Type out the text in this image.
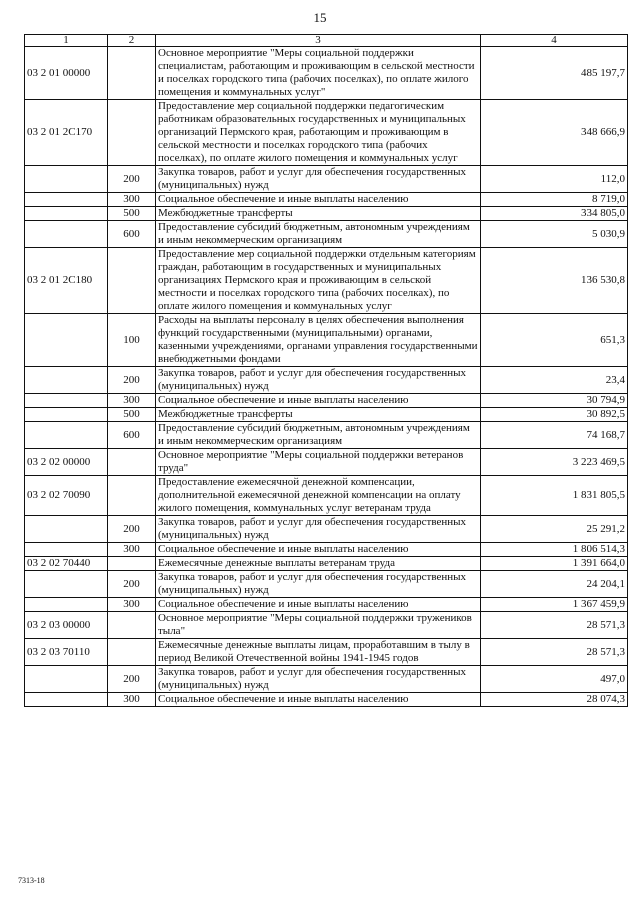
15
1	2	3	4
03 2 01 00000		Основное мероприятие "Меры социальной поддержки специалистам, работающим и проживающим в сельской местности и поселках городского типа (рабочих поселках), по оплате жилого помещения и коммунальных услуг"	485 197,7
03 2 01 2С170		Предоставление мер социальной поддержки педагогическим работникам образовательных государственных и муниципальных организаций Пермского края, работающим и проживающим в сельской местности и поселках городского типа (рабочих поселках), по оплате жилого помещения и коммунальных услуг	348 666,9
	200	Закупка товаров, работ и услуг для обеспечения государственных (муниципальных) нужд	112,0
	300	Социальное обеспечение и иные выплаты населению	8 719,0
	500	Межбюджетные трансферты	334 805,0
	600	Предоставление субсидий бюджетным, автономным учреждениям и иным некоммерческим организациям	5 030,9
03 2 01 2С180		Предоставление мер социальной поддержки отдельным категориям граждан, работающим в государственных и муниципальных организациях Пермского края и проживающим в сельской местности и поселках городского типа (рабочих поселках), по оплате жилого помещения и коммунальных услуг	136 530,8
	100	Расходы на выплаты персоналу в целях обеспечения выполнения функций государственными (муниципальными) органами, казенными учреждениями, органами управления государственными внебюджетными фондами	651,3
	200	Закупка товаров, работ и услуг для обеспечения государственных (муниципальных) нужд	23,4
	300	Социальное обеспечение и иные выплаты населению	30 794,9
	500	Межбюджетные трансферты	30 892,5
	600	Предоставление субсидий бюджетным, автономным учреждениям и иным некоммерческим организациям	74 168,7
03 2 02 00000		Основное мероприятие "Меры социальной поддержки ветеранов труда"	3 223 469,5
03 2 02 70090		Предоставление ежемесячной денежной компенсации, дополнительной ежемесячной денежной компенсации на оплату жилого помещения, коммунальных услуг ветеранам труда	1 831 805,5
	200	Закупка товаров, работ и услуг для обеспечения государственных (муниципальных) нужд	25 291,2
	300	Социальное обеспечение и иные выплаты населению	1 806 514,3
03 2 02 70440		Ежемесячные денежные выплаты ветеранам труда	1 391 664,0
	200	Закупка товаров, работ и услуг для обеспечения государственных (муниципальных) нужд	24 204,1
	300	Социальное обеспечение и иные выплаты населению	1 367 459,9
03 2 03 00000		Основное мероприятие "Меры социальной поддержки тружеников тыла"	28 571,3
03 2 03 70110		Ежемесячные денежные выплаты лицам, проработавшим в тылу в период Великой Отечественной войны 1941-1945 годов	28 571,3
	200	Закупка товаров, работ и услуг для обеспечения государственных (муниципальных) нужд	497,0
	300	Социальное обеспечение и иные выплаты населению	28 074,3
7313-18
